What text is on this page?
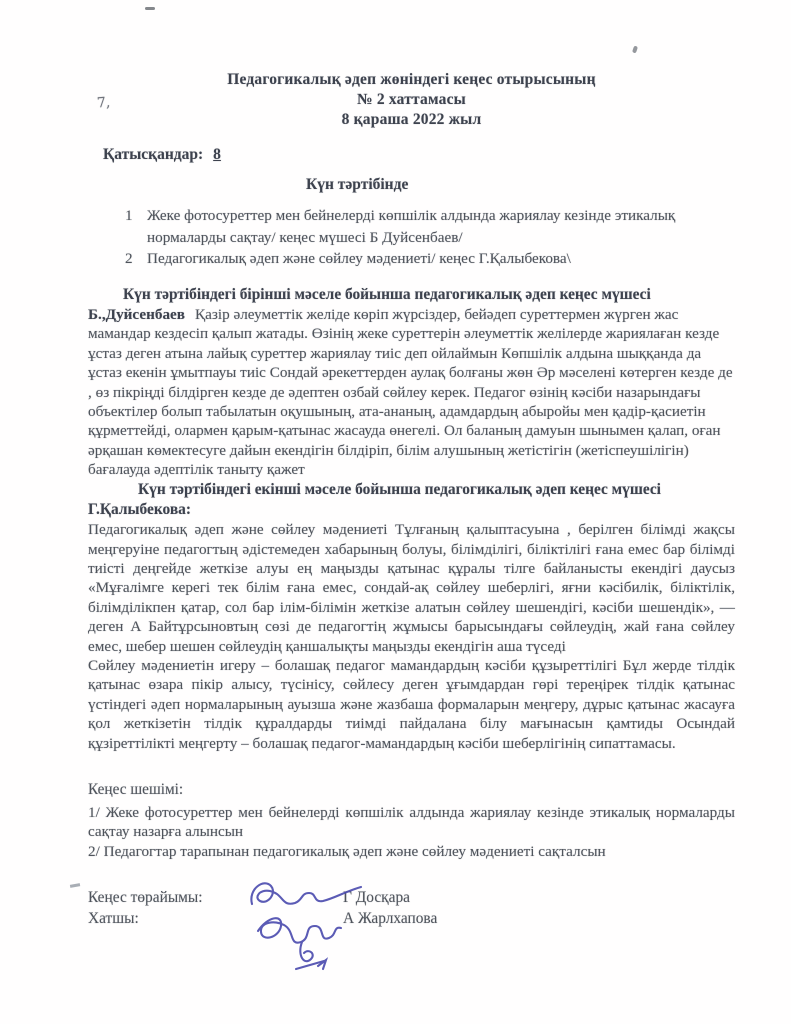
7,
Педагогикалық әдеп жөніндегі кеңес отырысының
№ 2 хаттамасы
8 қараша 2022 жыл
Қатысқандар: 8
Күн тәртібінде
1 Жеке фотосуреттер мен бейнелерді көпшілік алдында жариялау кезінде этикалық нормаларды сақтау/ кеңес мүшесі Б Дуйсенбаев/
2 Педагогикалық әдеп және сөйлеу мәдениеті/ кеңес Г.Қалыбекова\

Күн тәртібіндегі бірінші мәселе бойынша педагогикалық әдеп кеңес мүшесі

Б.,Дуйсенбаев Қазір әлеуметтік желіде көріп жүрсіздер, бейәдеп суреттермен жүрген жас мамандар кездесіп қалып жатады. Өзінің жеке суреттерін әлеуметтік желілерде жариялаған кезде ұстаз деген атына лайық суреттер жариялау тиіс деп ойлаймын Көпшілік алдына шыққанда да ұстаз екенін ұмытпауы тиіс Сондай әрекеттерден аулақ болғаны жөн Әр мәселені көтерген кезде де , өз пікріңді білдірген кезде де әдептен озбай сөйлеу керек. Педагог өзінің кәсіби назарындағы объектілер болып табылатын оқушының, ата-ананың, адамдардың абыройы мен қадір-қасиетін құрметтейді, олармен қарым-қатынас жасауда өнегелі. Ол баланың дамуын шынымен қалап, оған әрқашан көмектесуге дайын екендігін білдіріп, білім алушының жетістігін (жетіспеушілігін) бағалауда әдептілік таныту қажет

Күн тәртібіндегі екінші мәселе бойынша педагогикалық әдеп кеңес мүшесі

Г.Қалыбекова:

Педагогикалық әдеп және сөйлеу мәдениеті Тұлғаның қалыптасуына , берілген білімді жақсы меңгеруіне педагогтың әдістемеден хабарының болуы, білімділігі, біліктілігі ғана емес бар білімді тиісті деңгейде жеткізе алуы ең маңызды қатынас құралы тілге байланысты екендігі даусыз «Мұғалімге керегі тек білім ғана емес, сондай-ақ сөйлеу шеберлігі, яғни кәсібилік, біліктілік, білімділікпен қатар, сол бар ілім-білімін жеткізе алатын сөйлеу шешендігі, кәсіби шешендік», — деген А Байтұрсыновтың сөзі де педагогтің жұмысы барысындағы сөйлеудің, жай ғана сөйлеу емес, шебер шешен сөйлеудің қаншалықты маңызды екендігін аша түседі

Сөйлеу мәдениетін игеру – болашақ педагог мамандардың кәсіби құзыреттілігі Бұл жерде тілдік қатынас өзара пікір алысу, түсінісу, сөйлесу деген ұғымдардан гөрі тереңірек тілдік қатынас үстіндегі әдеп нормаларының ауызша және жазбаша формаларын меңгеру, дұрыс қатынас жасауға қол жеткізетін тілдік құралдарды тиімді пайдалана білу мағынасын қамтиды Осындай құзіреттілікті меңгерту – болашақ педагог-мамандардың кәсіби шеберлігінің сипаттамасы.

Кеңес шешімі:

1/ Жеке фотосуреттер мен бейнелерді көпшілік алдында жариялау кезінде этикалық нормаларды сақтау назарға алынсын

2/ Педагогтар тарапынан педагогикалық әдеп және сөйлеу мәдениеті сақталсын

Кеңес төрайымы:	Г Досқара
Хатшы:	А Жарлхапова
